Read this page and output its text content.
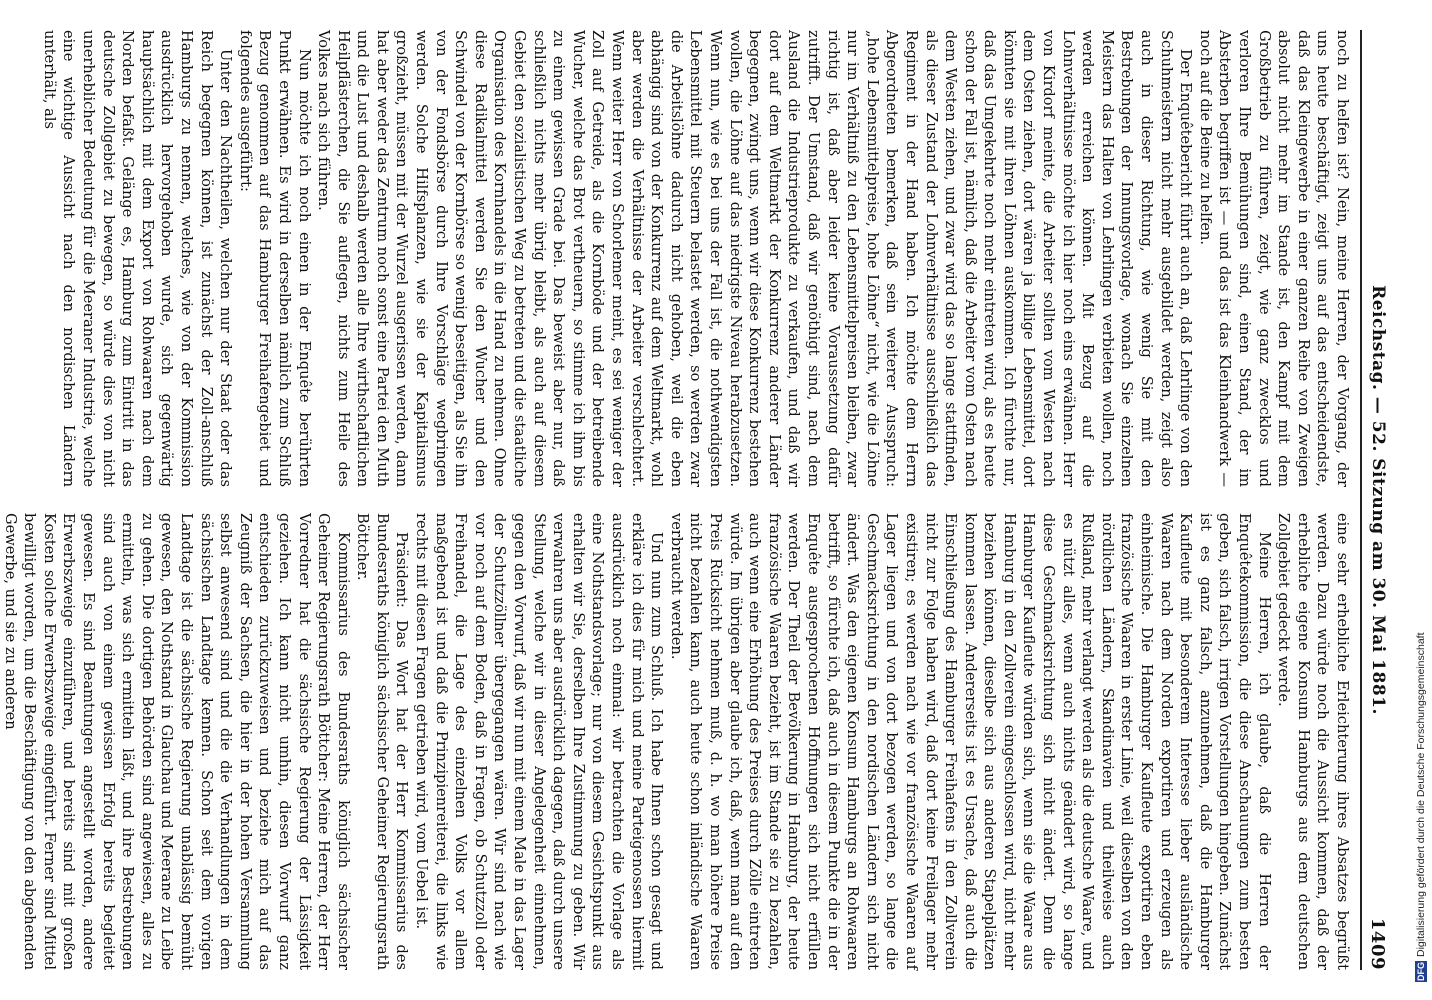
Reichstag. — 52. Sitzung am 30. Mai 1881.
1409

noch zu helfen ist? Nein, meine Herren, der Vorgang, der uns heute beschäftigt, zeigt uns auf das entscheidendste, daß das Kleingewerbe in einer ganzen Reihe von Zweigen absolut nicht mehr im Stande ist, den Kampf mit dem Großbetrieb zu führen, zeigt, wie ganz zwecklos und verloren Ihre Bemühungen sind, einen Stand, der im Absterben begriffen ist — und das ist das Kleinhandwerk — noch auf die Beine zu helfen.

Der Enquêtebericht führt auch an, daß Lehrlinge von den Schuhmeistern nicht mehr ausgebildet werden, zeigt also auch in dieser Richtung, wie wenig Sie mit den Bestrebungen der Innungsvorlage, wonach Sie einzelnen Meistern das Halten von Lehrlingen verbieten wollen, noch werden erreichen können. Mit Bezug auf die Lohnverhältnisse möchte ich hier noch eins erwähnen. Herr von Kirdorf meinte, die Arbeiter sollten vom Westen nach dem Osten ziehen, dort wären ja billige Lebensmittel, dort könnten sie mit ihren Löhnen auskommen. Ich fürchte nur, daß das Umgekehrte noch mehr eintreten wird, als es heute schon der Fall ist, nämlich, daß die Arbeiter vom Osten nach dem Westen ziehen, und zwar wird das so lange stattfinden, als dieser Zustand der Lohnverhältnisse ausschließlich das Regiment in der Hand haben. Ich möchte dem Herrn Abgeordneten bemerken, daß sein weiterer Ausspruch: „hohe Lebensmittelpreise, hohe Löhne“ nicht, wie die Löhne nur im Verhältniß zu den Lebensmittelpreisen bleiben, zwar richtig ist, daß aber leider keine Voraussetzung dafür zutrifft. Der Umstand, daß wir genöthigt sind, nach dem Ausland die Industrieprodukte zu verkaufen, und daß wir dort auf dem Weltmarkt der Konkurrenz anderer Länder begegnen, zwingt uns, wenn wir diese Konkurrenz bestehen wollen, die Löhne auf das niedrigste Niveau herabzusetzen. Wenn nun, wie es bei uns der Fall ist, die nothwendigsten Lebensmittel mit Steuern belastet werden, so werden zwar die Arbeitslöhne dadurch nicht gehoben, weil die eben abhängig sind von der Konkurrenz auf dem Weltmarkt, wohl aber werden die Verhältnisse der Arbeiter verschlechtert. Wenn weiter Herr von Schorlemer meint, es sei weniger der Zoll auf Getreide, als die Kornböde und der betreibende Wucher, welche das Brot vertheuern, so stimme ich ihm bis zu einem gewissen Grade bei. Das beweist aber nur, daß schließlich nichts mehr übrig bleibt, als auch auf diesem Gebiet den sozialistischen Weg zu betreten und die staatliche Organisation des Kornhandels in die Hand zu nehmen. Ohne diese Radikalmittel werden Sie den Wucher und den Schwindel von der Kornbörse so wenig beseitigen, als Sie ihn von der Fondsbörse durch Ihre Vorschläge wegbringen werden. Solche Hilfsplanzen, wie sie der Kapitalismus großzieht, müssen mit der Wurzel ausgerissen werden, dann hat aber weder das Zentrum noch sonst eine Partei den Muth und die Lust und deshalb werden alle Ihre wirthschaftlichen Heilpflästerchen, die Sie auflegen, nichts zum Heile des Volkes nach sich führen.

Nun möchte ich noch einen in der Enquête berührten Punkt erwähnen. Es wird in derselben nämlich zum Schluß Bezug genommen auf das Hamburger Freihafengebiet und folgendes ausgeführt:

Unter den Nachtheilen, welchen nur der Staat oder das Reich begegnen können, ist zunächst der Zoll-anschluß Hamburgs zu nennen, welches, wie von der Kommission ausdrücklich hervorgehoben wurde, sich gegenwärtig hauptsächlich mit dem Export von Rohwaaren nach dem Norden befaßt. Gelänge es, Hamburg zum Eintritt in das deutsche Zollgebiet zu bewegen, so würde dies von nicht unerheblicher Bedeutung für die Meeraner Industrie, welche eine wichtige Aussicht nach den nordischen Ländern unterhält, als

eine sehr erhebliche Erleichterung ihres Absatzes begrüßt werden. Dazu würde noch die Aussicht kommen, daß der erhebliche eigene Konsum Hamburgs aus dem deutschen Zollgebiet gedeckt werde.

Meine Herren, ich glaube, daß die Herren der Enquêtekommission, die diese Anschauungen zum besten geben, sich falsch, irrigen Vorstellungen hingeben. Zunächst ist es ganz falsch, anzunehmen, daß die Hamburger Kaufleute mit besonderem Interesse lieber ausländische Waaren nach dem Norden exportiren und erzeugen als einheimische. Die Hamburger Kaufleute exportiren eben französische Waaren in erster Linie, weil dieselben von den nördlichen Ländern, Skandinavien und theilweise auch Rußland, mehr verlangt werden als die deutsche Waare, und es nützt alles, wenn auch nichts geändert wird, so lange diese Geschmacksrichtung sich nicht ändert. Denn die Hamburger Kaufleute würden sich, wenn sie die Waare aus Hamburg in den Zollverein eingeschlossen wird, nicht mehr beziehen können, dieselbe sich aus anderen Stapelplätzen kommen lassen. Andererseits ist es Ursache, daß auch die Einschließung des Hamburger Freihafens in den Zollverein nicht zur Folge haben wird, daß dort keine Freilager mehr existiren; es werden nach wie vor französische Waaren auf Lager liegen und von dort bezogen werden, so lange die Geschmacksrichtung in den nordischen Ländern sich nicht ändert. Was den eigenen Konsum Hamburgs an Rohwaaren betrifft, so fürchte ich, daß auch in diesem Punkte die in der Enquête ausgesprochenen Hoffnungen sich nicht erfüllen werden. Der Theil der Bevölkerung in Hamburg, der heute französische Waaren bezieht, ist im Stande sie zu bezahlen, auch wenn eine Erhöhung des Preises durch Zölle eintreten würde. Im übrigen aber glaube ich, daß, wenn man auf den Preis Rücksicht nehmen muß, d. h. wo man höhere Preise nicht bezahlen kann, auch heute schon inländische Waaren verbraucht werden.

Und nun zum Schluß. Ich habe Ihnen schon gesagt und erkläre ich dies für mich und meine Parteigenossen hiermit ausdrücklich noch einmal: wir betrachten die Vorlage als eine Nothstandsvorlage; nur von diesem Gesichtspunkt aus erhalten wir Sie, derselben Ihre Zustimmung zu geben. Wir verwahren uns aber ausdrücklich dagegen, daß durch unsere Stellung, welche wir in dieser Angelegenheit einnehmen, gegen den Vorwurf, daß wir nun mit einem Male in das Lager der Schutzzöllner übergegangen wären. Wir sind nach wie vor noch auf dem Boden, daß in Fragen, ob Schutzzoll oder Freihandel, die Lage des einzelnen Volks vor allem maßgebend ist und daß die Prinzipienreiterei, die links wie rechts mit diesen Fragen getrieben wird, vom Uebel ist.

Präsident: Das Wort hat der Herr Kommissarius des Bundesraths königlich sächsischer Geheimer Regierungsrath Böttcher.

Kommissarius des Bundesraths königlich sächsischer Geheimer Regierungsrath Böttcher: Meine Herren, der Herr Vorredner hat die sächsische Regierung der Lässigkeit geziehen. Ich kann nicht umhin, diesen Vorwurf ganz entschieden zurückzuweisen und beziehe mich auf das Zeugniß der Sachsen, die hier in der hohen Versammlung selbst anwesend sind und die die Verhandlungen in dem sächsischen Landtage kennen. Schon seit dem vorigen Landtage ist die sächsische Regierung unablässig bemüht gewesen, den Nothstand in Glauchau und Meerane zu Leibe zu gehen. Die dortigen Behörden sind angewiesen, alles zu ermitteln, was sich ermitteln läßt, und ihre Bestrebungen sind auch von einem gewissen Erfolg bereits begleitet gewesen. Es sind Beamtungen angestellt worden, andere Erwerbszweige einzuführen, und bereits sind mit großen Kosten solche Erwerbszweige eingeführt. Ferner sind Mittel bewilligt worden, um die Beschäftigung von den abgehenden Gewerbe, und sie zu anderen

DFG
Digitalisierung gefördert durch die Deutsche Forschungsgemeinschaft
